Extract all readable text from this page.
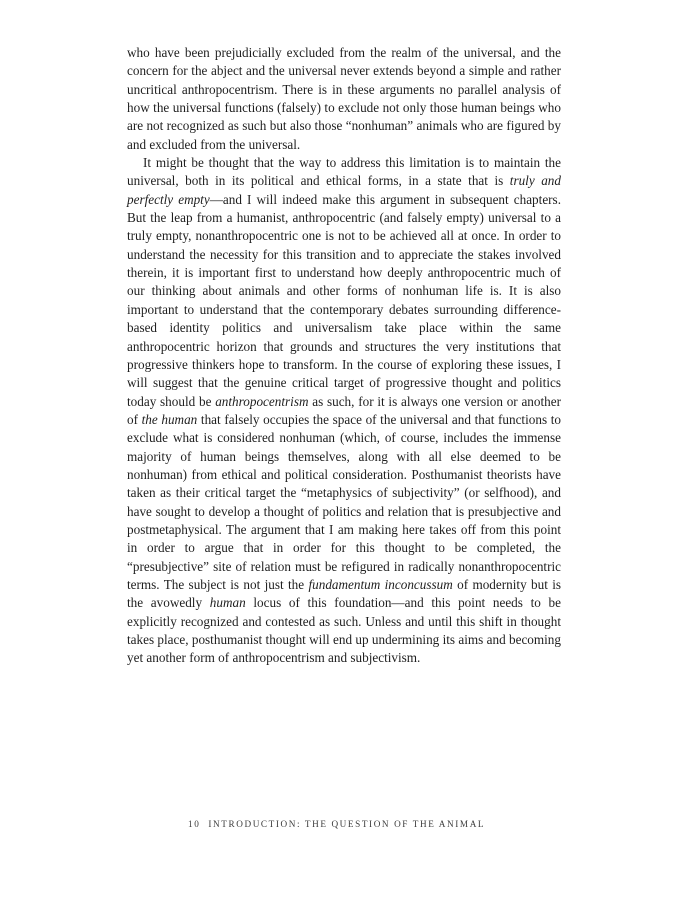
who have been prejudicially excluded from the realm of the universal, and the concern for the abject and the universal never extends beyond a simple and rather uncritical anthropocentrism. There is in these arguments no parallel analysis of how the universal functions (falsely) to exclude not only those human beings who are not recognized as such but also those “nonhuman” animals who are figured by and excluded from the universal.

It might be thought that the way to address this limitation is to maintain the universal, both in its political and ethical forms, in a state that is truly and perfectly empty—and I will indeed make this argument in subsequent chapters. But the leap from a humanist, anthropocentric (and falsely empty) universal to a truly empty, nonanthropocentric one is not to be achieved all at once. In order to understand the necessity for this transition and to appreciate the stakes involved therein, it is important first to understand how deeply anthropocentric much of our thinking about animals and other forms of nonhuman life is. It is also important to understand that the contemporary debates surrounding difference-based identity politics and universalism take place within the same anthropocentric horizon that grounds and structures the very institutions that progressive thinkers hope to transform. In the course of exploring these issues, I will suggest that the genuine critical target of progressive thought and politics today should be anthropocentrism as such, for it is always one version or another of the human that falsely occupies the space of the universal and that functions to exclude what is considered nonhuman (which, of course, includes the immense majority of human beings themselves, along with all else deemed to be nonhuman) from ethical and political consideration. Posthumanist theorists have taken as their critical target the “metaphysics of subjectivity” (or selfhood), and have sought to develop a thought of politics and relation that is presubjective and postmetaphysical. The argument that I am making here takes off from this point in order to argue that in order for this thought to be completed, the “presubjective” site of relation must be refigured in radically nonanthropocentric terms. The subject is not just the fundamentum inconcussum of modernity but is the avowedly human locus of this foundation—and this point needs to be explicitly recognized and contested as such. Unless and until this shift in thought takes place, posthumanist thought will end up undermining its aims and becoming yet another form of anthropocentrism and subjectivism.

10 INTRODUCTION: THE QUESTION OF THE ANIMAL
